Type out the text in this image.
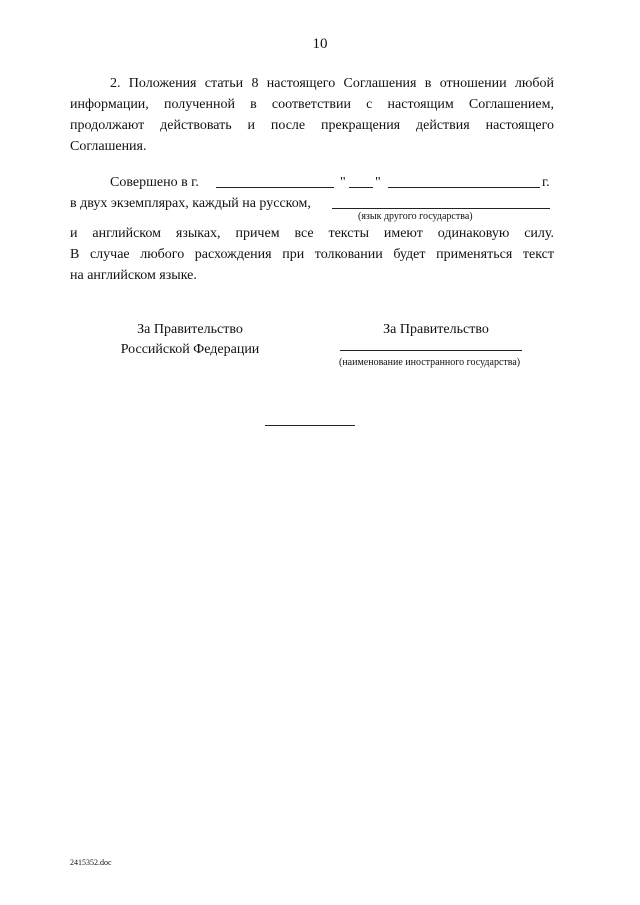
10
2. Положения статьи 8 настоящего Соглашения в отношении любой
информации, полученной в соответствии с настоящим Соглашением,
продолжают действовать и после прекращения действия настоящего
Соглашения.
Совершено в г.	" "	г.
в двух экземплярах, каждый на русском,
(язык другого государства)
и английском языках, причем все тексты имеют одинаковую силу.
В случае любого расхождения при толковании будет применяться текст
на английском языке.
За Правительство
Российской Федерации
За Правительство
(наименование иностранного государства)
2415352.doc
